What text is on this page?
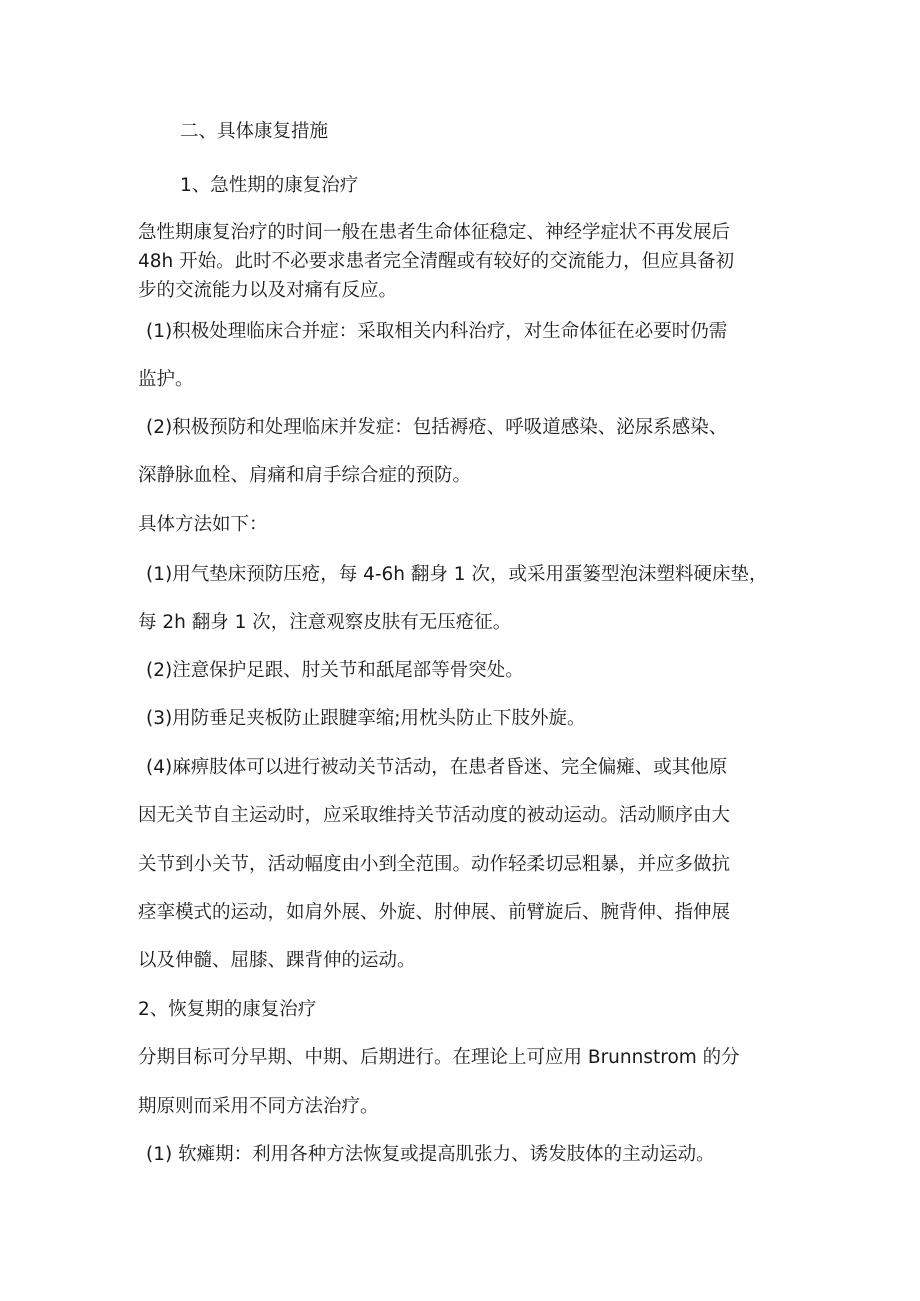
二、具体康复措施
1、急性期的康复治疗
急性期康复治疗的时间一般在患者生命体征稳定、神经学症状不再发展后
48h 开始。此时不必要求患者完全清醒或有较好的交流能力，但应具备初
步的交流能力以及对痛有反应。
(1)积极处理临床合并症：采取相关内科治疗，对生命体征在必要时仍需
监护。
(2)积极预防和处理临床并发症：包括褥疮、呼吸道感染、泌尿系感染、
深静脉血栓、肩痛和肩手综合症的预防。
具体方法如下：
(1)用气垫床预防压疮，每 4-6h 翻身 1 次，或采用蛋篓型泡沫塑料硬床垫，
每 2h 翻身 1 次，注意观察皮肤有无压疮征。
(2)注意保护足跟、肘关节和舐尾部等骨突处。
(3)用防垂足夹板防止跟腱挛缩;用枕头防止下肢外旋。
(4)麻痹肢体可以进行被动关节活动，在患者昏迷、完全偏瘫、或其他原
因无关节自主运动时，应采取维持关节活动度的被动运动。活动顺序由大
关节到小关节，活动幅度由小到全范围。动作轻柔切忌粗暴，并应多做抗
痉挛模式的运动，如肩外展、外旋、肘伸展、前臂旋后、腕背伸、指伸展
以及伸髓、屈膝、踝背伸的运动。
2、恢复期的康复治疗
分期目标可分早期、中期、后期进行。在理论上可应用 Brunnstrom 的分
期原则而采用不同方法治疗。
(1) 软瘫期：利用各种方法恢复或提高肌张力、诱发肢体的主动运动。
